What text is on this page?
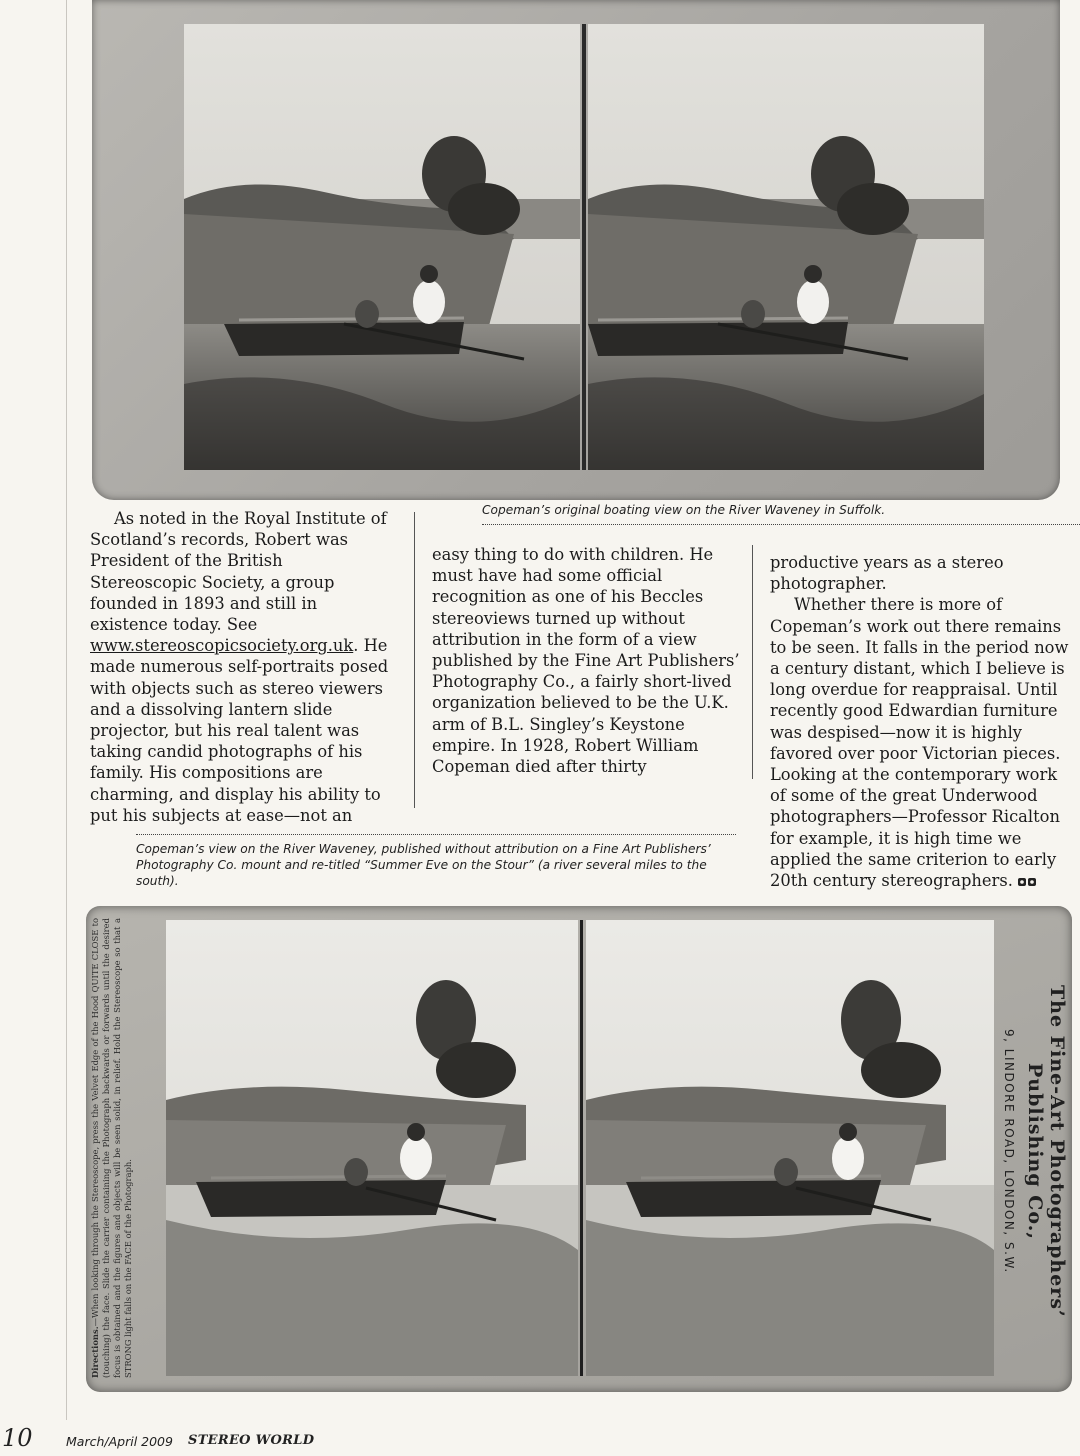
Copeman’s original boating view on the River Waveney in Suffolk.

As noted in the Royal Institute of Scotland’s records, Robert was President of the British Stereoscopic Society, a group founded in 1893 and still in existence today. See www.stereoscopicsociety.org.uk. He made numerous self-portraits posed with objects such as stereo viewers and a dissolving lantern slide projector, but his real talent was taking candid photographs of his family. His compositions are charming, and display his ability to put his subjects at ease—not an

easy thing to do with children. He must have had some official recognition as one of his Beccles stereoviews turned up without attribution in the form of a view published by the Fine Art Publishers’ Photography Co., a fairly short-lived organization believed to be the U.K. arm of B.L. Singley’s Keystone empire. In 1928, Robert William Copeman died after thirty

productive years as a stereo photographer.

Whether there is more of Copeman’s work out there remains to be seen. It falls in the period now a century distant, which I believe is long overdue for reappraisal. Until recently good Edwardian furniture was despised—now it is highly favored over poor Victorian pieces. Looking at the contemporary work of some of the great Underwood photographers—Professor Ricalton for example, it is high time we applied the same criterion to early 20th century stereographers.

Copeman’s view on the River Waveney, published without attribution on a Fine Art Publishers’ Photography Co. mount and re-titled “Summer Eve on the Stour” (a river several miles to the south).
Directions.—When looking through the Stereoscope, press the Velvet Edge of the Hood QUITE CLOSE to (touching) the face. Slide the carrier containing the Photograph backwards or forwards until the desired focus is obtained and the figures and objects will be seen solid, in relief. Hold the Stereoscope so that a STRONG light falls on the FACE of the Photograph.	The Fine-Art Photographers’ Publishing Co.,
9, LINDORE ROAD, LONDON, S.W.
10	March/April 2009 STEREO WORLD
